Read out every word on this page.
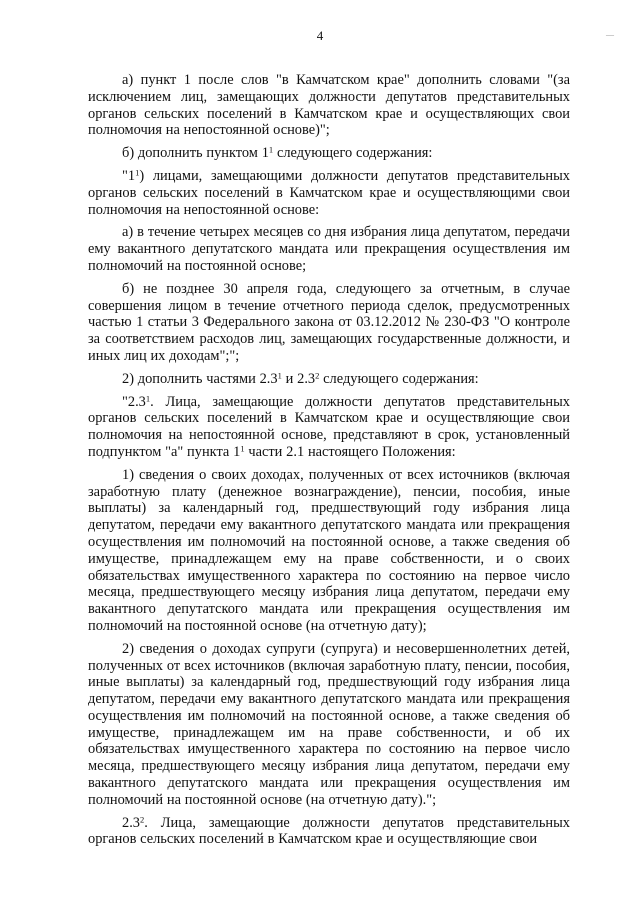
4	—

а) пункт 1 после слов "в Камчатском крае" дополнить словами "(за исключением лиц, замещающих должности депутатов представительных органов сельских поселений в Камчатском крае и осуществляющих свои полномочия на непостоянной основе)";

б) дополнить пунктом $1^1$ следующего содержания:

"$1^1$) лицами, замещающими должности депутатов представительных органов сельских поселений в Камчатском крае и осуществляющими свои полномочия на непостоянной основе:

а) в течение четырех месяцев со дня избрания лица депутатом, передачи ему вакантного депутатского мандата или прекращения осуществления им полномочий на постоянной основе;

б) не позднее 30 апреля года, следующего за отчетным, в случае совершения лицом в течение отчетного периода сделок, предусмотренных частью 1 статьи 3 Федерального закона от 03.12.2012 № 230-ФЗ "О контроле за соответствием расходов лиц, замещающих государственные должности, и иных лиц их доходам";";

2) дополнить частями $2.3^1$ и $2.3^2$ следующего содержания:

"$2.3^1$. Лица, замещающие должности депутатов представительных органов сельских поселений в Камчатском крае и осуществляющие свои полномочия на непостоянной основе, представляют в срок, установленный подпунктом "а" пункта $1^1$ части 2.1 настоящего Положения:

1) сведения о своих доходах, полученных от всех источников (включая заработную плату (денежное вознаграждение), пенсии, пособия, иные выплаты) за календарный год, предшествующий году избрания лица депутатом, передачи ему вакантного депутатского мандата или прекращения осуществления им полномочий на постоянной основе, а также сведения об имуществе, принадлежащем ему на праве собственности, и о своих обязательствах имущественного характера по состоянию на первое число месяца, предшествующего месяцу избрания лица депутатом, передачи ему вакантного депутатского мандата или прекращения осуществления им полномочий на постоянной основе (на отчетную дату);

2) сведения о доходах супруги (супруга) и несовершеннолетних детей, полученных от всех источников (включая заработную плату, пенсии, пособия, иные выплаты) за календарный год, предшествующий году избрания лица депутатом, передачи ему вакантного депутатского мандата или прекращения осуществления им полномочий на постоянной основе, а также сведения об имуществе, принадлежащем им на праве собственности, и об их обязательствах имущественного характера по состоянию на первое число месяца, предшествующего месяцу избрания лица депутатом, передачи ему вакантного депутатского мандата или прекращения осуществления им полномочий на постоянной основе (на отчетную дату).";

$2.3^2$. Лица, замещающие должности депутатов представительных органов сельских поселений в Камчатском крае и осуществляющие свои
